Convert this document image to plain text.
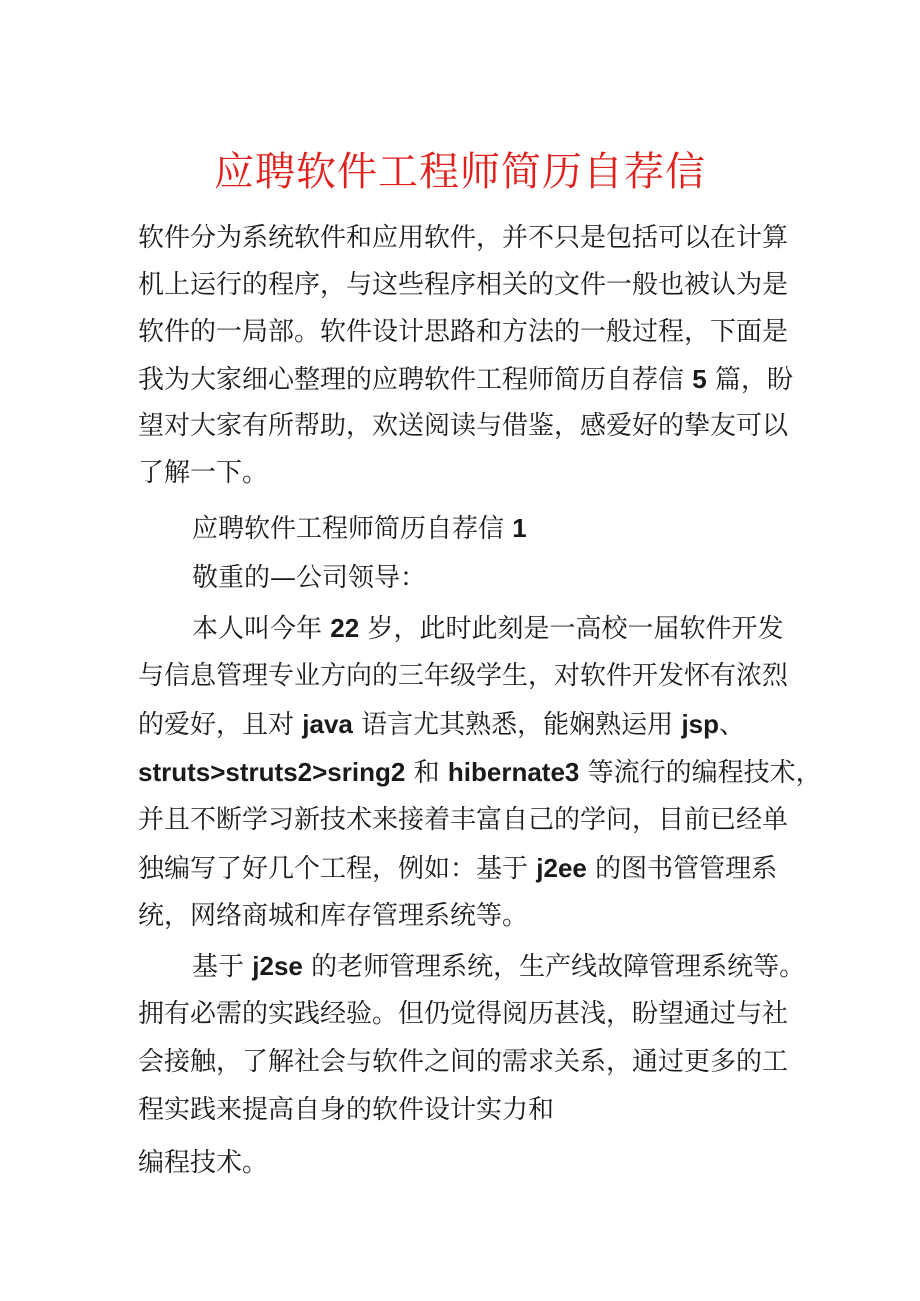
应聘软件工程师简历自荐信
软件分为系统软件和应用软件，并不只是包括可以在计算
机上运行的程序，与这些程序相关的文件一般也被认为是
软件的一局部。软件设计思路和方法的一般过程，下面是
我为大家细心整理的应聘软件工程师简历自荐信 5 篇，盼
望对大家有所帮助，欢送阅读与借鉴，感爱好的挚友可以
了解一下。
应聘软件工程师简历自荐信 1
敬重的—公司领导：
本人叫今年 22 岁，此时此刻是一高校一届软件开发
与信息管理专业方向的三年级学生，对软件开发怀有浓烈
的爱好，且对 java 语言尤其熟悉，能娴熟运用 jsp、
struts>struts2>sring2 和 hibernate3 等流行的编程技术，
并且不断学习新技术来接着丰富自己的学问，目前已经单
独编写了好几个工程，例如：基于 j2ee 的图书管管理系
统，网络商城和库存管理系统等。
基于 j2se 的老师管理系统，生产线故障管理系统等。
拥有必需的实践经验。但仍觉得阅历甚浅，盼望通过与社
会接触，了解社会与软件之间的需求关系，通过更多的工
程实践来提高自身的软件设计实力和
编程技术。
